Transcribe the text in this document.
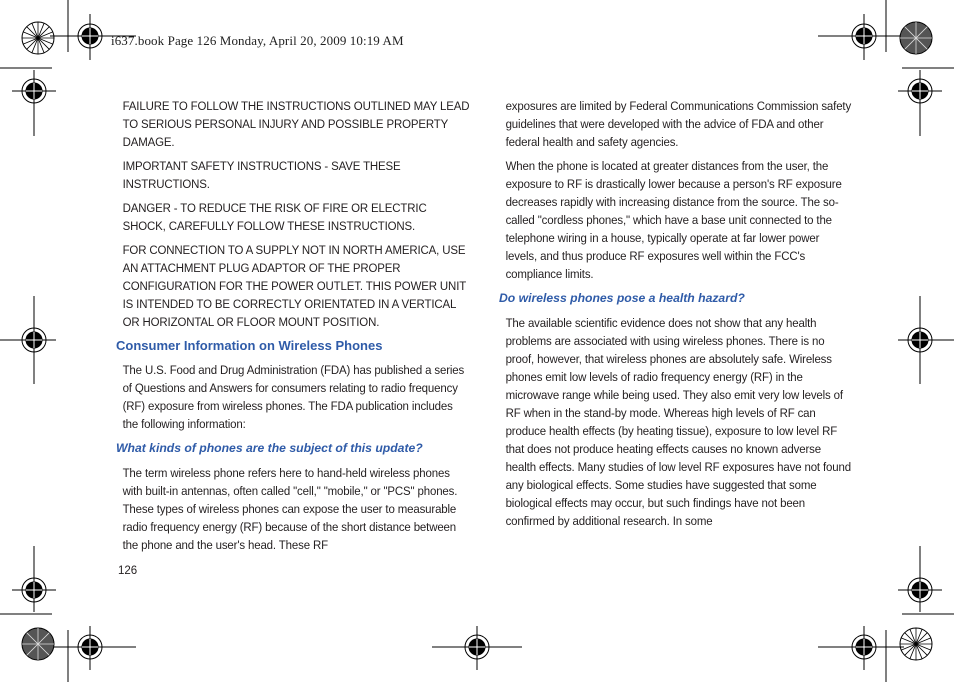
i637.book Page 126 Monday, April 20, 2009 10:19 AM

FAILURE TO FOLLOW THE INSTRUCTIONS OUTLINED MAY LEAD TO SERIOUS PERSONAL INJURY AND POSSIBLE PROPERTY DAMAGE.

IMPORTANT SAFETY INSTRUCTIONS - SAVE THESE INSTRUCTIONS.

DANGER - TO REDUCE THE RISK OF FIRE OR ELECTRIC SHOCK, CAREFULLY FOLLOW THESE INSTRUCTIONS.

FOR CONNECTION TO A SUPPLY NOT IN NORTH AMERICA, USE AN ATTACHMENT PLUG ADAPTOR OF THE PROPER CONFIGURATION FOR THE POWER OUTLET. THIS POWER UNIT IS INTENDED TO BE CORRECTLY ORIENTATED IN A VERTICAL OR HORIZONTAL OR FLOOR MOUNT POSITION.

Consumer Information on Wireless Phones

The U.S. Food and Drug Administration (FDA) has published a series of Questions and Answers for consumers relating to radio frequency (RF) exposure from wireless phones. The FDA publication includes the following information:

What kinds of phones are the subject of this update?

The term wireless phone refers here to hand-held wireless phones with built-in antennas, often called "cell," "mobile," or "PCS" phones. These types of wireless phones can expose the user to measurable radio frequency energy (RF) because of the short distance between the phone and the user's head. These RF

exposures are limited by Federal Communications Commission safety guidelines that were developed with the advice of FDA and other federal health and safety agencies.

When the phone is located at greater distances from the user, the exposure to RF is drastically lower because a person's RF exposure decreases rapidly with increasing distance from the source. The so-called "cordless phones," which have a base unit connected to the telephone wiring in a house, typically operate at far lower power levels, and thus produce RF exposures well within the FCC's compliance limits.

Do wireless phones pose a health hazard?

The available scientific evidence does not show that any health problems are associated with using wireless phones. There is no proof, however, that wireless phones are absolutely safe. Wireless phones emit low levels of radio frequency energy (RF) in the microwave range while being used. They also emit very low levels of RF when in the stand-by mode. Whereas high levels of RF can produce health effects (by heating tissue), exposure to low level RF that does not produce heating effects causes no known adverse health effects. Many studies of low level RF exposures have not found any biological effects. Some studies have suggested that some biological effects may occur, but such findings have not been confirmed by additional research. In some

126
